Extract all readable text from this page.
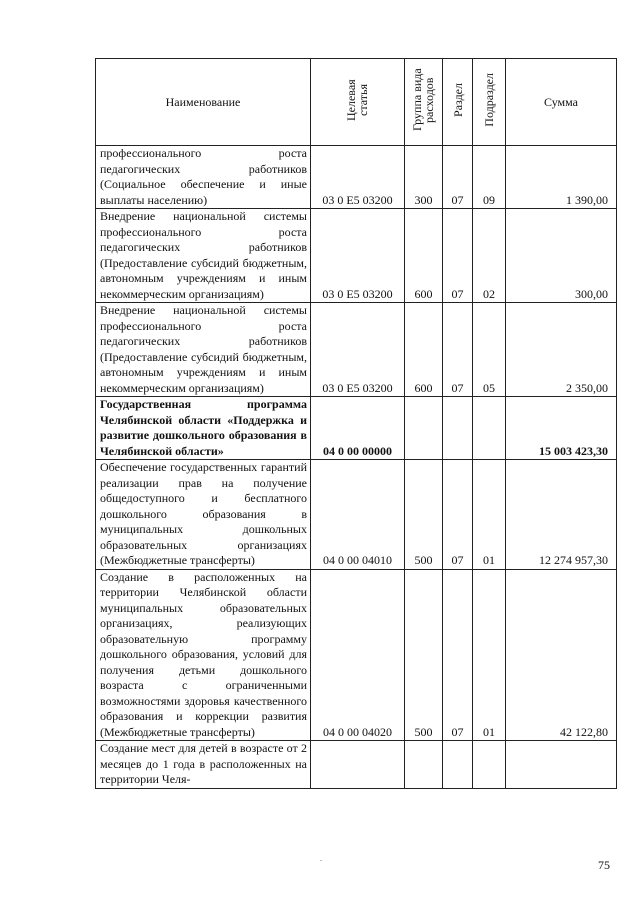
Наименование	Целевая статья	Группа вида расходов	Раздел	Подраздел	Сумма
профессионального роста педагогических работников (Социальное обеспечение и иные выплаты населению)	03 0 E5 03200	300	07	09	1 390,00
Внедрение национальной системы профессионального роста педагогических работников (Предоставление субсидий бюджетным, автономным учреждениям и иным некоммерческим организациям)	03 0 E5 03200	600	07	02	300,00
Внедрение национальной системы профессионального роста педагогических работников (Предоставление субсидий бюджетным, автономным учреждениям и иным некоммерческим организациям)	03 0 E5 03200	600	07	05	2 350,00
Государственная программа Челябинской области «Поддержка и развитие дошкольного образования в Челябинской области»	04 0 00 00000				15 003 423,30
Обеспечение государственных гарантий реализации прав на получение общедоступного и бесплатного дошкольного образования в муниципальных дошкольных образовательных организациях (Межбюджетные трансферты)	04 0 00 04010	500	07	01	12 274 957,30
Создание в расположенных на территории Челябинской области муниципальных образовательных организациях, реализующих образовательную программу дошкольного образования, условий для получения детьми дошкольного возраста с ограниченными возможностями здоровья качественного образования и коррекции развития (Межбюджетные трансферты)	04 0 00 04020	500	07	01	42 122,80
Создание мест для детей в возрасте от 2 месяцев до 1 года в расположенных на территории Челя-					
75
